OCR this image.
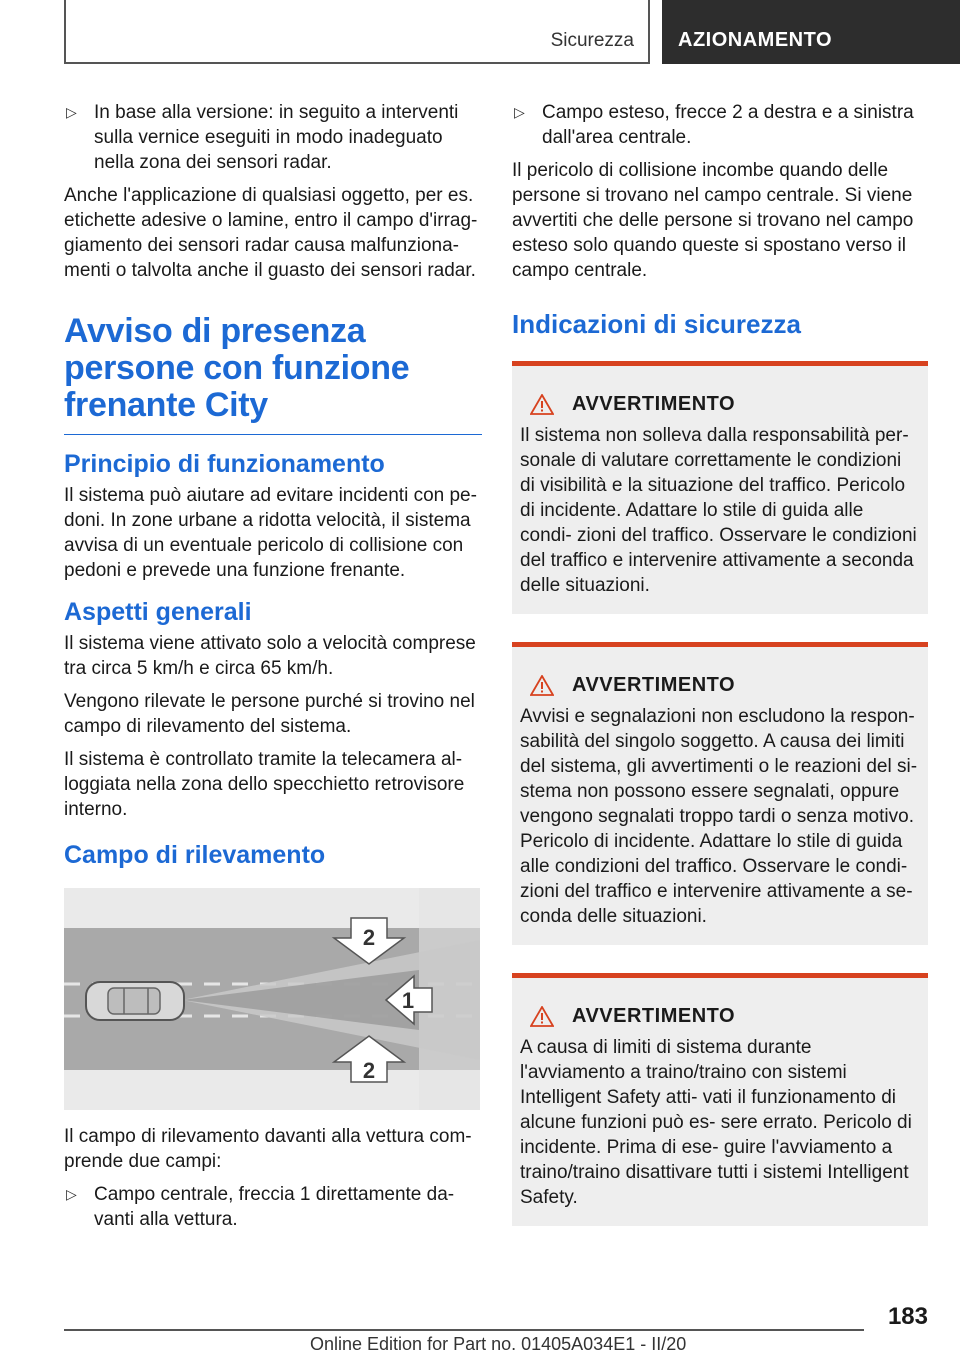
Sicurezza AZIONAMENTO
▷ In base alla versione: in seguito a interventi sulla vernice eseguiti in modo inadeguato nella zona dei sensori radar.

Anche l'applicazione di qualsiasi oggetto, per es. etichette adesive o lamine, entro il campo d'irrag‐ giamento dei sensori radar causa malfunziona‐ menti o talvolta anche il guasto dei sensori radar.

Avviso di presenza persone con funzione frenante City
Principio di funzionamento

Il sistema può aiutare ad evitare incidenti con pe‐ doni. In zone urbane a ridotta velocità, il sistema avvisa di un eventuale pericolo di collisione con pedoni e prevede una funzione frenante.

Aspetti generali

Il sistema viene attivato solo a velocità comprese tra circa 5 km/h e circa 65 km/h.

Vengono rilevate le persone purché si trovino nel campo di rilevamento del sistema.

Il sistema è controllato tramite la telecamera al‐ loggiata nella zona dello specchietto retrovisore interno.

Campo di rilevamento
2
1
2

Il campo di rilevamento davanti alla vettura com‐ prende due campi:

▷ Campo centrale, freccia 1 direttamente da‐ vanti alla vettura.
▷ Campo esteso, frecce 2 a destra e a sinistra dall'area centrale.

Il pericolo di collisione incombe quando delle persone si trovano nel campo centrale. Si viene avvertiti che delle persone si trovano nel campo esteso solo quando queste si spostano verso il campo centrale.

Indicazioni di sicurezza
AVVERTIMENTO

Il sistema non solleva dalla responsabilità per‐ sonale di valutare correttamente le condizioni di visibilità e la situazione del traffico. Pericolo di incidente. Adattare lo stile di guida alle condi‐ zioni del traffico. Osservare le condizioni del traffico e intervenire attivamente a seconda delle situazioni.

AVVERTIMENTO

Avvisi e segnalazioni non escludono la respon‐ sabilità del singolo soggetto. A causa dei limiti del sistema, gli avvertimenti o le reazioni del si‐ stema non possono essere segnalati, oppure vengono segnalati troppo tardi o senza motivo. Pericolo di incidente. Adattare lo stile di guida alle condizioni del traffico. Osservare le condi‐ zioni del traffico e intervenire attivamente a se‐ conda delle situazioni.

AVVERTIMENTO

A causa di limiti di sistema durante l'avviamento a traino/traino con sistemi Intelligent Safety atti‐ vati il funzionamento di alcune funzioni può es‐ sere errato. Pericolo di incidente. Prima di ese‐ guire l'avviamento a traino/traino disattivare tutti i sistemi Intelligent Safety.

183
Online Edition for Part no. 01405A034E1 - II/20
